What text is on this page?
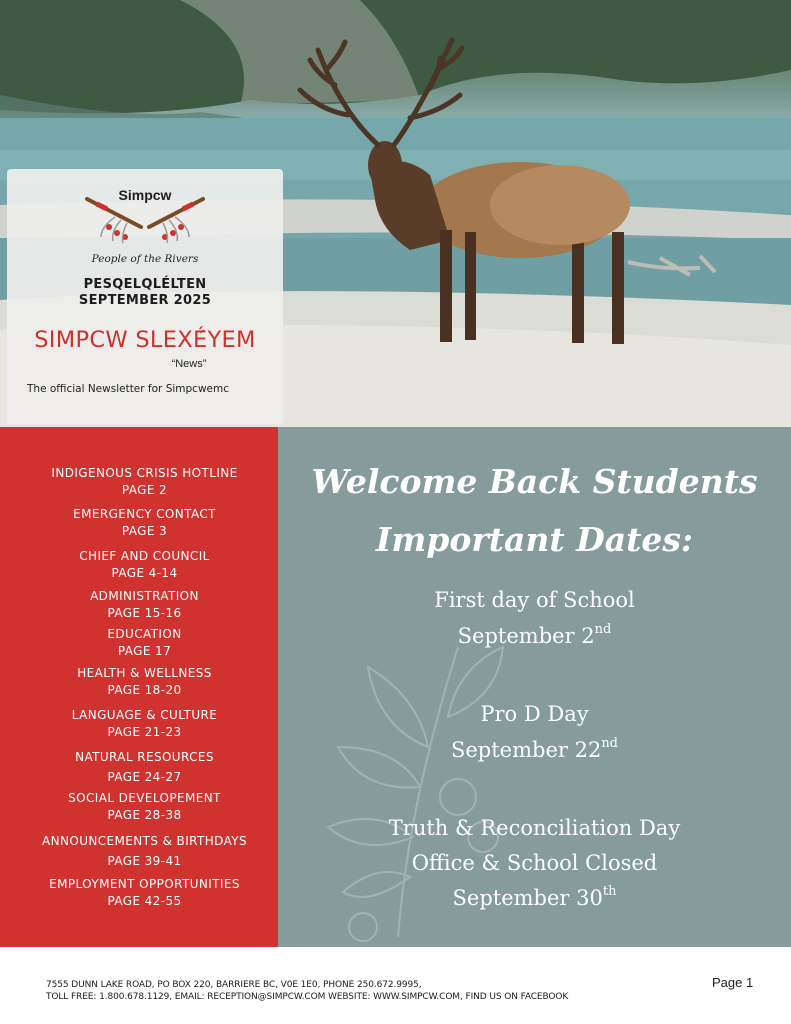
Simpcw
People of the Rivers
PESQELQLÉLTEN
SEPTEMBER 2025
SIMPCW SLEXÉ́YEM
“News”
The official Newsletter for Simpcwemc
INDIGENOUS CRISIS HOTLINE
PAGE 2
EMERGENCY CONTACT
PAGE 3
CHIEF AND COUNCIL
PAGE 4-14
ADMINISTRATION
PAGE 15-16
EDUCATION
PAGE 17
HEALTH & WELLNESS
PAGE 18-20
LANGUAGE & CULTURE
PAGE 21-23
NATURAL RESOURCES
PAGE 24-27
SOCIAL DEVELOPEMENT
PAGE 28-38
ANNOUNCEMENTS & BIRTHDAYS
PAGE 39-41
EMPLOYMENT OPPORTUNITIES
PAGE 42-55
Welcome Back Students
Important Dates:
First day of School
September 2nd
Pro D Day
September 22nd
Truth & Reconciliation Day
Office & School Closed
September 30th
7555 DUNN LAKE ROAD, PO BOX 220, BARRIERE BC, V0E 1E0, PHONE 250.672.9995,
TOLL FREE: 1.800.678.1129, EMAIL: RECEPTION@SIMPCW.COM WEBSITE: WWW.SIMPCW.COM, FIND US ON FACEBOOK
Page 1
